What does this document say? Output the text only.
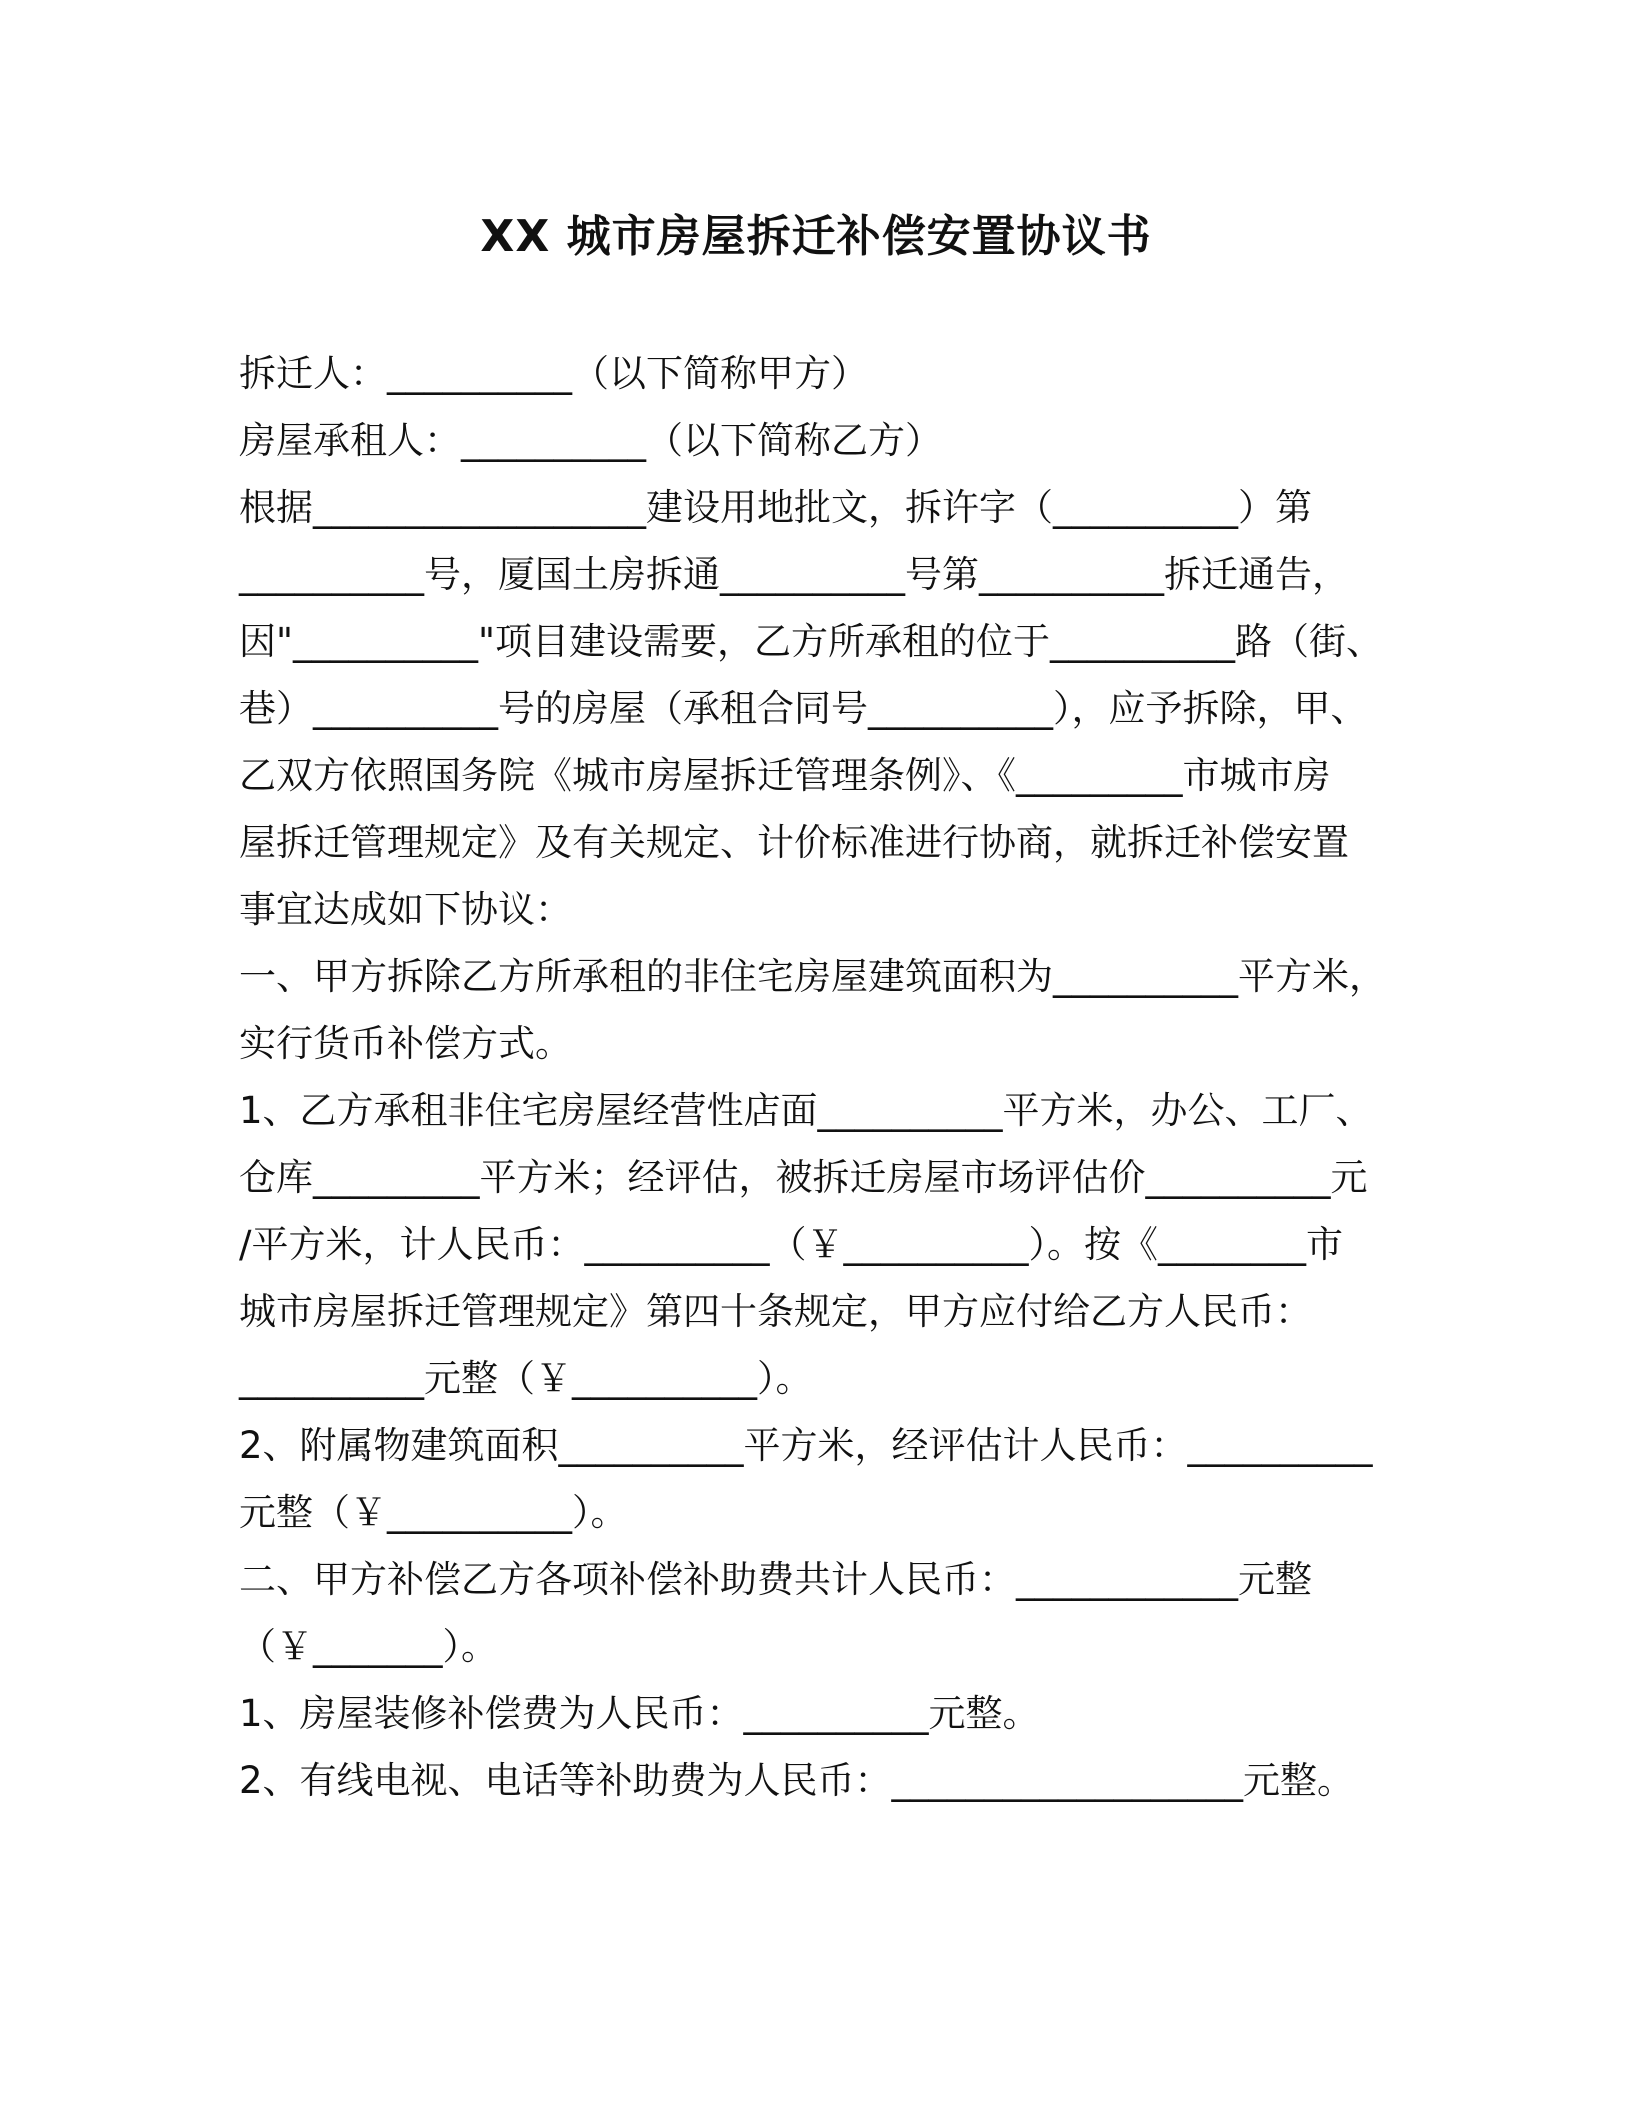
XX 城市房屋拆迁补偿安置协议书

拆迁人：__________（以下简称甲方）

房屋承租人：__________（以下简称乙方）

根据__________________建设用地批文，拆许字（__________）第

__________号，厦国土房拆通__________号第__________拆迁通告，

因"__________"项目建设需要，乙方所承租的位于__________路（街、

巷）__________号的房屋（承租合同号__________），应予拆除，甲、

乙双方依照国务院《城市房屋拆迁管理条例》、《_________市城市房

屋拆迁管理规定》及有关规定、计价标准进行协商，就拆迁补偿安置

事宜达成如下协议：

一、甲方拆除乙方所承租的非住宅房屋建筑面积为__________平方米，

实行货币补偿方式。

1、乙方承租非住宅房屋经营性店面__________平方米，办公、工厂、

仓库_________平方米；经评估，被拆迁房屋市场评估价__________元

/平方米，计人民币：__________（￥__________）。按《________市

城市房屋拆迁管理规定》第四十条规定，甲方应付给乙方人民币：

__________元整（￥__________）。

2、附属物建筑面积__________平方米，经评估计人民币：__________

元整（￥__________）。

二、甲方补偿乙方各项补偿补助费共计人民币：____________元整

（￥_______）。

1、房屋装修补偿费为人民币：__________元整。

2、有线电视、电话等补助费为人民币：___________________元整。
